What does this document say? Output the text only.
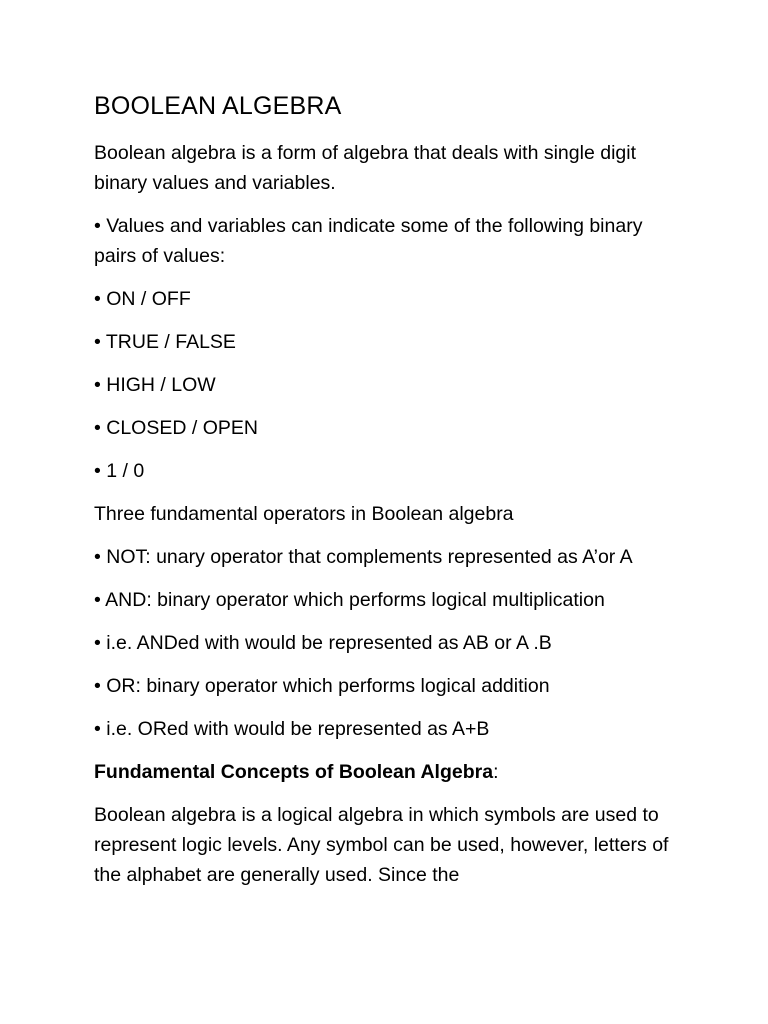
BOOLEAN ALGEBRA
Boolean algebra is a form of algebra that deals with single digit binary values and variables.
• Values and variables can indicate some of the following binary pairs of values:
• ON / OFF
• TRUE / FALSE
• HIGH / LOW
• CLOSED / OPEN
• 1 / 0
Three fundamental operators in Boolean algebra
• NOT: unary operator that complements represented as A’or A
• AND: binary operator which performs logical multiplication
• i.e. ANDed with would be represented as AB or A .B
• OR: binary operator which performs logical addition
• i.e. ORed with would be represented as A+B
Fundamental Concepts of Boolean Algebra:
Boolean algebra is a logical algebra in which symbols are used to represent logic levels. Any symbol can be used, however, letters of the alphabet are generally used. Since the
